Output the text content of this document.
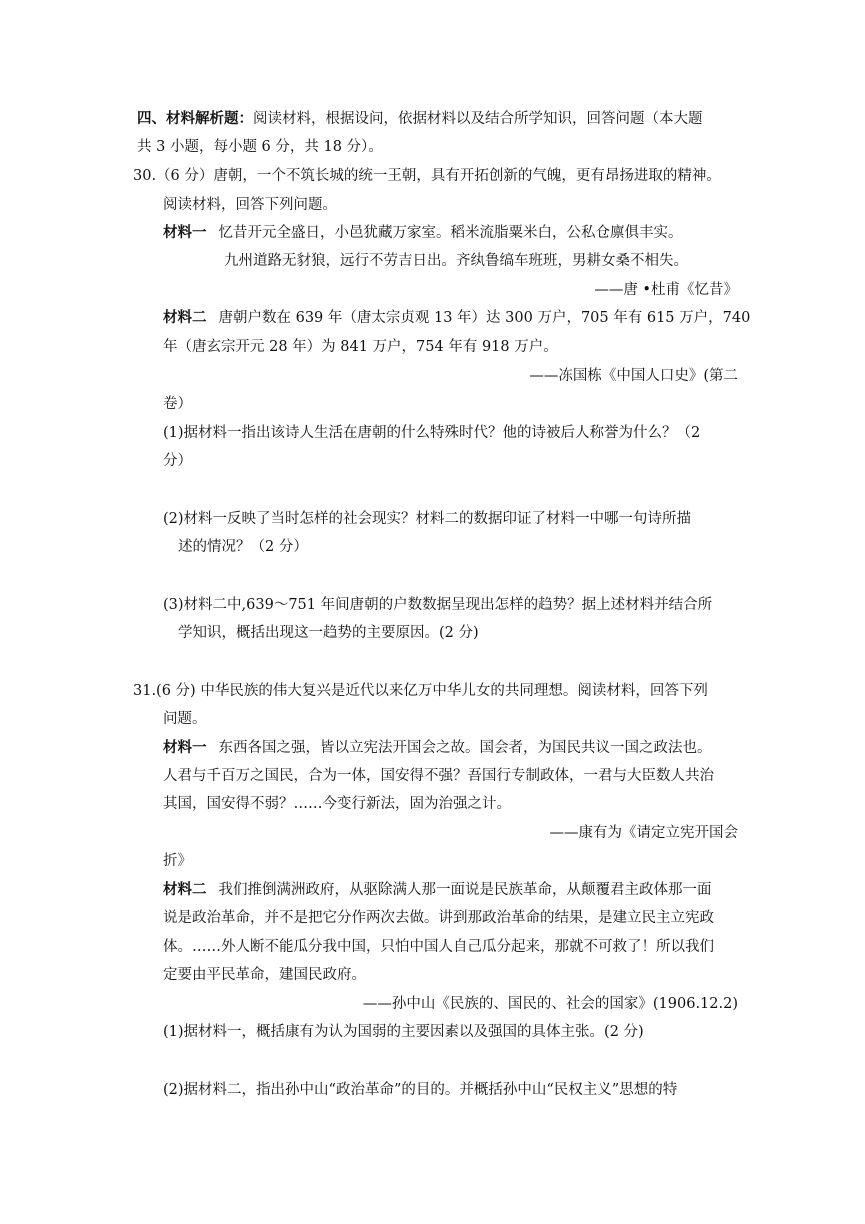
四、材料解析题：阅读材料，根据设问，依据材料以及结合所学知识，回答问题（本大题
共 3 小题，每小题 6 分，共 18 分）。
30.（6 分）唐朝，一个不筑长城的统一王朝，具有开拓创新的气魄，更有昂扬进取的精神。
阅读材料，回答下列问题。
材料一 忆昔开元全盛日，小邑犹藏万家室。稻米流脂粟米白，公私仓廪俱丰实。
九州道路无豺狼，远行不劳吉日出。齐纨鲁缟车班班，男耕女桑不相失。
——唐 •杜甫《忆昔》
材料二 唐朝户数在 639 年（唐太宗贞观 13 年）达 300 万户，705 年有 615 万户，740
年（唐玄宗开元 28 年）为 841 万户，754 年有 918 万户。
——冻国栋《中国人口史》(第二
卷）
(1)据材料一指出该诗人生活在唐朝的什么特殊时代？他的诗被后人称誉为什么？（2
分）
(2)材料一反映了当时怎样的社会现实？材料二的数据印证了材料一中哪一句诗所描
述的情况？（2 分）
(3)材料二中,639～751 年间唐朝的户数数据呈现出怎样的趋势？据上述材料并结合所
学知识，概括出现这一趋势的主要原因。(2 分)
31.(6 分) 中华民族的伟大复兴是近代以来亿万中华儿女的共同理想。阅读材料，回答下列
问题。
材料一 东西各国之强，皆以立宪法开国会之故。国会者，为国民共议一国之政法也。
人君与千百万之国民，合为一体，国安得不强？吾国行专制政体，一君与大臣数人共治
其国，国安得不弱？……今变行新法，固为治强之计。
——康有为《请定立宪开国会
折》
材料二 我们推倒满洲政府，从驱除满人那一面说是民族革命，从颠覆君主政体那一面
说是政治革命，并不是把它分作两次去做。讲到那政治革命的结果，是建立民主立宪政
体。……外人断不能瓜分我中国，只怕中国人自己瓜分起来，那就不可救了！所以我们
定要由平民革命，建国民政府。
——孙中山《民族的、国民的、社会的国家》(1906.12.2)
(1)据材料一，概括康有为认为国弱的主要因素以及强国的具体主张。(2 分)
(2)据材料二，指出孙中山“政治革命”的目的。并概括孙中山“民权主义”思想的特
